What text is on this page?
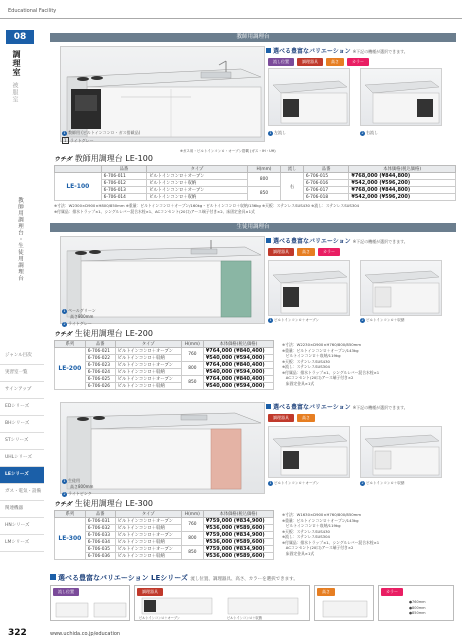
Educational Facility
08
調理室
被服室
教師用調理台・生徒用調理台
ジャンル目次
実習室一覧
サインアップ
EDシリーズ
BHシリーズ
STシリーズ
UHLシリーズ
LEシリーズ
ガス・電気・設備
関連機器
HNシリーズ
LMシリーズ
教師用調理台
1 教師用 (ビルトインコンロ・ガス搭載品)
1 ライトグレー
※ガス用・ビルトインコンロ・オーブン搭載 (ガス・IH・UH)
選べる豊富なバリエーション ※下記の機種が選択できます。
流し位置	調理器具	高さ	カラー
1 左流し	2 右流し
ウチダ 教師用調理台 LE-100
	品番	タイプ	H(mm)	流し	品番	本体価格(税込価格)
LE-100	6-706-011	ビルトインコンロ＋オーブン	800	右	6-706-015	¥768,000 (¥844,800)
	6-706-012	ビルトインコンロ＋収納			6-706-016	¥542,000 (¥596,200)
	6-706-013	ビルトインコンロ＋オーブン	850		6-706-017	¥768,000 (¥844,800)
	6-706-014	ビルトインコンロ＋収納			6-706-018	¥542,000 (¥596,200)
※寸法：W2300×D900×H800/850mm ※重量：ビルトインコンロ＋オーブン/160kg・ビルトインコンロ＋収納/136kg ※天板：ステンレスSUS430 ※流し：ステンレスSUS304
※付属品：排水トラップ×1、シングルレバー混合水栓×1、ACコンセント(20口)アース端子付き×2、床固定金具×1式
生徒用調理台
1 ペールグリーン
高さ800mm
2 ライトグレー
選べる豊富なバリエーション ※下記の機種が選択できます。
調理器具	高さ	カラー
1 ビルトインコンロ＋オーブン	2 ビルトインコンロ＋収納
ウチダ 生徒用調理台 LE-200
系列	品番	タイプ	H(mm)	本体価格(税込価格)
LE-200	6-706-021	ビルトインコンロ＋オーブン	760	¥764,000 (¥840,400)
	6-706-022	ビルトインコンロ＋収納		¥540,000 (¥594,000)
	6-706-023	ビルトインコンロ＋オーブン	800	¥764,000 (¥840,400)
	6-706-024	ビルトインコンロ＋収納		¥540,000 (¥594,000)
	6-706-025	ビルトインコンロ＋オーブン	850	¥764,000 (¥840,400)
	6-706-026	ビルトインコンロ＋収納		¥540,000 (¥594,000)
※寸法：W2230×D900×H760/800/850mm
※重量：ビルトインコンロ＋オーブン/143kg
　ビルトインコンロ＋収納/119kg
※天板：ステンレスSUS430
※流し：ステンレスSUS304
※付属品：排水トラップ×1、シングルレバー混合水栓×1
　ACコンセント(20口)アース端子付き×2
　床固定金具×1式
1 生徒用
高さ800mm
2 ライトピンク
選べる豊富なバリエーション ※下記の機種が選択できます。
調理器具	高さ
1 ビルトインコンロ＋オーブン	2 ビルトインコンロ＋収納
ウチダ 生徒用調理台 LE-300
系列	品番	タイプ	H(mm)	本体価格(税込価格)
LE-300	6-706-031	ビルトインコンロ＋オーブン	760	¥759,000 (¥834,900)
	6-706-032	ビルトインコンロ＋収納		¥536,000 (¥589,600)
	6-706-033	ビルトインコンロ＋オーブン	800	¥759,000 (¥834,900)
	6-706-034	ビルトインコンロ＋収納		¥536,000 (¥589,600)
	6-706-035	ビルトインコンロ＋オーブン	850	¥759,000 (¥834,900)
	6-706-036	ビルトインコンロ＋収納		¥536,000 (¥589,600)
※寸法：W1630×D900×H760/800/850mm
※重量：ビルトインコンロ＋オーブン/143kg
　ビルトインコンロ＋収納/119kg
※天板：ステンレスSUS430
※流し：ステンレスSUS304
※付属品：排水トラップ×1、シングルレバー混合水栓×1
　ACコンセント(20口)アース端子付き×2
　床固定金具×1式
選べる豊富なバリエーション LEシリーズ 流し位置、調理器具、高さ、カラーを選択できます。
流し位置	調理器具
ビルトインコンロ＋オーブン	ビルトインコンロ＋収納
高さ	カラー
●760mm
●800mm
●850mm
322	www.uchida.co.jp/education
